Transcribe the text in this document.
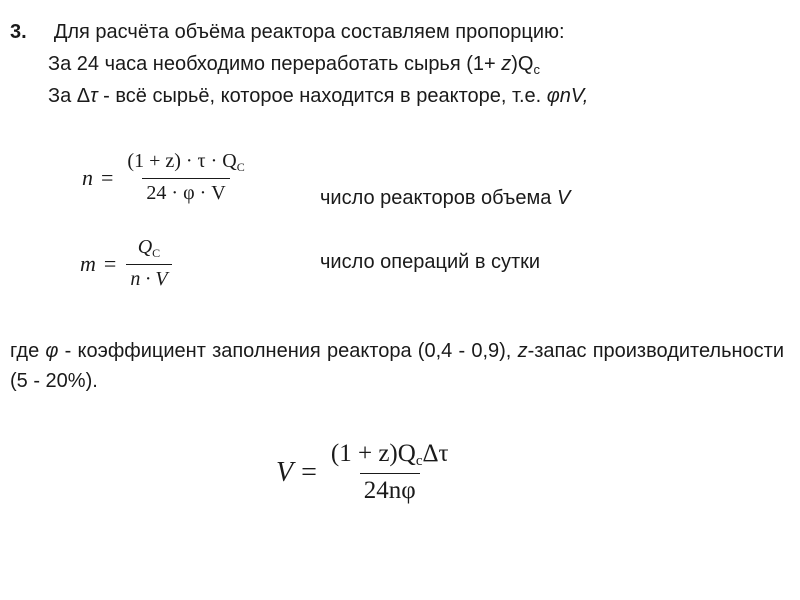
3. Для расчёта объёма реактора составляем пропорцию:
За 24 часа необходимо переработать сырья $(1+ z)Q_c$
За Δτ - всё сырьё, которое находится в реакторе, т.е. φnV,
$n = \frac{(1 + z) \cdot \tau \cdot Q_C}{24 \cdot \varphi \cdot V}$	число реакторов объема V
$m = \frac{Q_C}{n \cdot V}$	число операций в сутки
где φ - коэффициент заполнения реактора (0,4 - 0,9), z-запас производительности (5 - 20%).
$V = \frac{\text{(1 + z)QcΔτ}}{24n\varphi}$
